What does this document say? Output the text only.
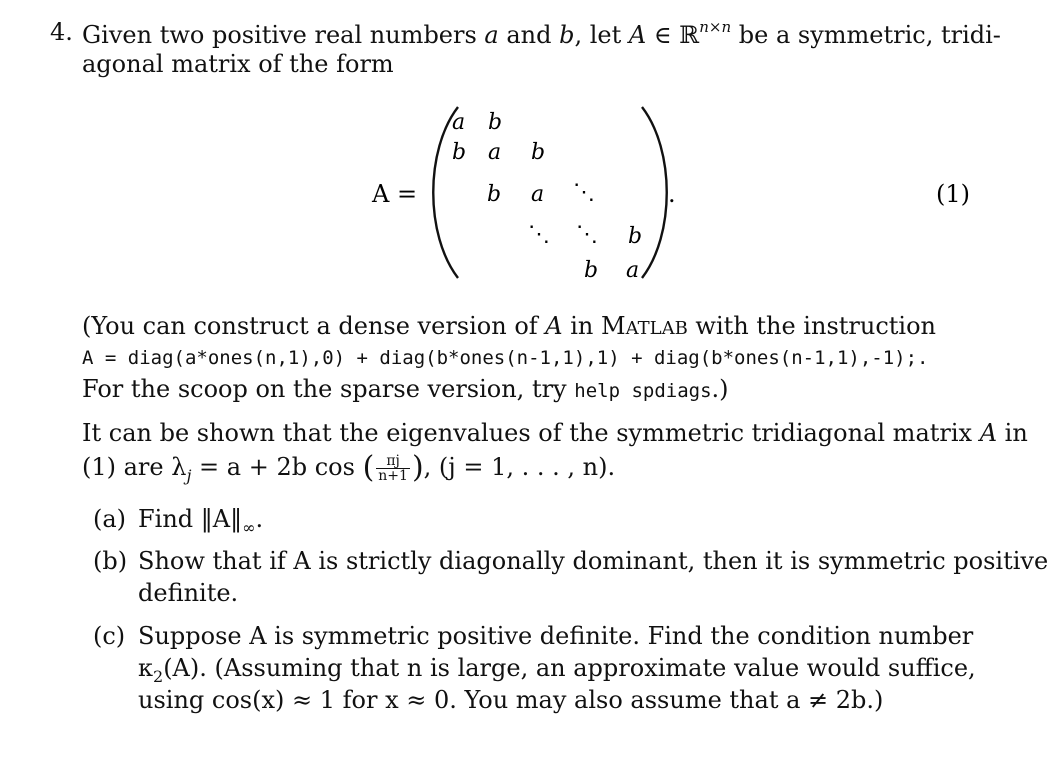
4. Given two positive real numbers a and b, let A ∈ ℝ$^{n\times n}$ be a symmetric, tridi-
agonal matrix of the form
A =
a b
b a b
b a ⋱
⋱ ⋱ b
b a
.	(1)
(You can construct a dense version of A in MATLAB with the instruction
A = diag(a*ones(n,1),0) + diag(b*ones(n-1,1),1) + diag(b*ones(n-1,1),-1);.
For the scoop on the sparse version, try help spdiags.)
It can be shown that the eigenvalues of the symmetric tridiagonal matrix A in
(1) are $\lambda_j = a + 2b$ cos ( $\frac{\pi j}{n+1}$ ), (j = 1, . . . , n).
(a) Find $‖A‖_\infty$.
(b) Show that if A is strictly diagonally dominant, then it is symmetric positive
definite.
(c) Suppose A is symmetric positive definite. Find the condition number
$\kappa_2(A)$. (Assuming that n is large, an approximate value would suffice,
using cos(x) ≈ 1 for x ≈ 0. You may also assume that a ≠ 2b.)
